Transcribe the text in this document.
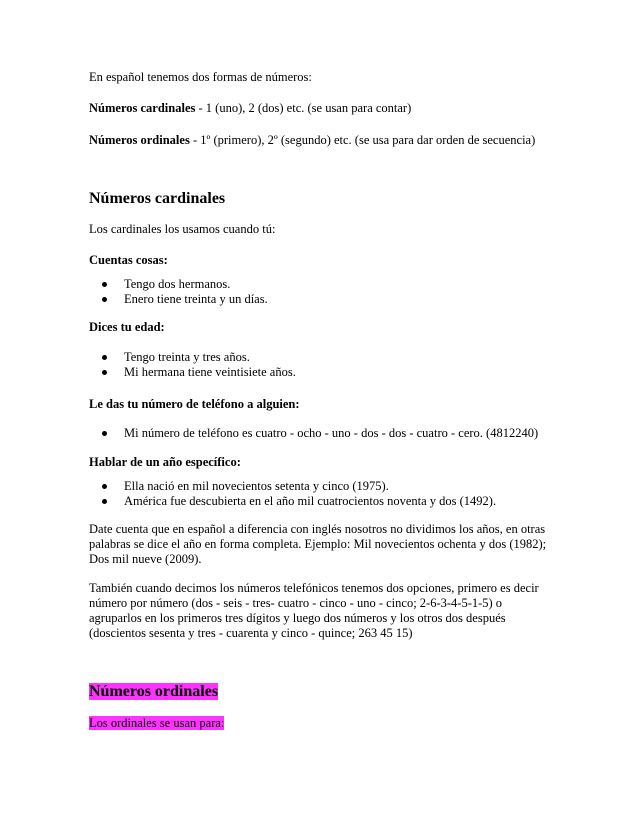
En español tenemos dos formas de números:

Números cardinales - 1 (uno), 2 (dos) etc. (se usan para contar)

Números ordinales - 1º (primero), 2º (segundo) etc. (se usa para dar orden de secuencia)

Números cardinales

Los cardinales los usamos cuando tú:

Cuentas cosas:

Tengo dos hermanos.
Enero tiene treinta y un días.

Dices tu edad:

Tengo treinta y tres años.
Mi hermana tiene veintisiete años.

Le das tu número de teléfono a alguien:

Mi número de teléfono es cuatro - ocho - uno - dos - dos - cuatro - cero. (4812240)

Hablar de un año específico:

Ella nació en mil novecientos setenta y cinco (1975).
América fue descubierta en el año mil cuatrocientos noventa y dos (1492).
Date cuenta que en español a diferencia con inglés nosotros no dividimos los años, en otras
palabras se dice el año en forma completa. Ejemplo: Mil novecientos ochenta y dos (1982);
Dos mil nueve (2009).
También cuando decimos los números telefónicos tenemos dos opciones, primero es decir
número por número (dos - seis - tres- cuatro - cinco - uno - cinco; 2-6-3-4-5-1-5) o
agruparlos en los primeros tres dígitos y luego dos números y los otros dos después
(doscientos sesenta y tres - cuarenta y cinco - quince; 263 45 15)
Números ordinales

Los ordinales se usan para:
